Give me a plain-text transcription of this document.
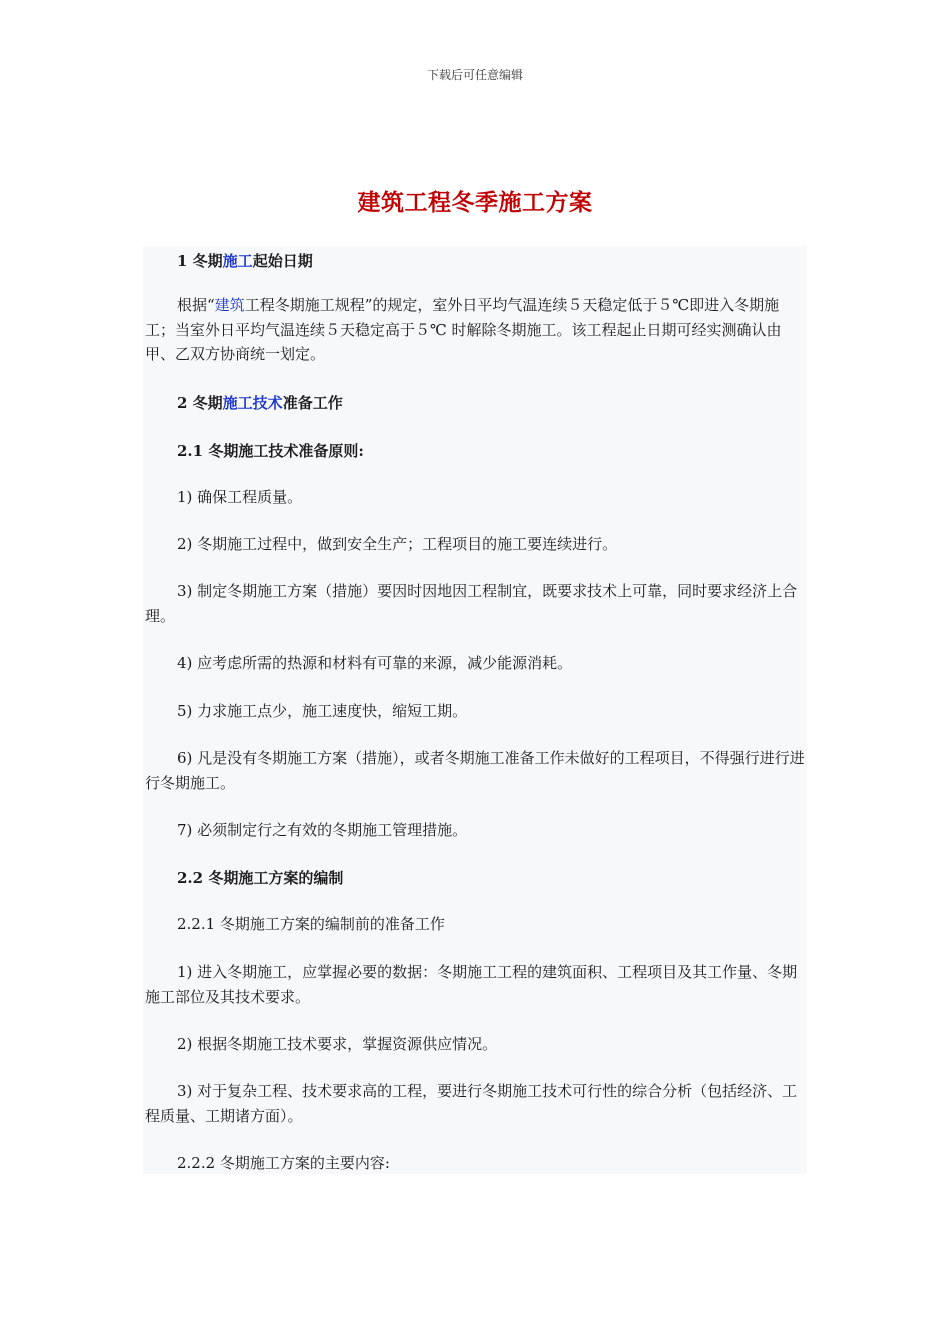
下载后可任意编辑
建筑工程冬季施工方案

1 冬期施工起始日期

根据“建筑工程冬期施工规程”的规定，室外日平均气温连续５天稳定低于５℃即进入冬期施工；当室外日平均气温连续５天稳定高于５℃ 时解除冬期施工。该工程起止日期可经实测确认由甲、乙双方协商统一划定。

2 冬期施工技术准备工作

2.1 冬期施工技术准备原则:

1) 确保工程质量。

2) 冬期施工过程中，做到安全生产；工程项目的施工要连续进行。

3) 制定冬期施工方案（措施）要因时因地因工程制宜，既要求技术上可靠，同时要求经济上合理。

4) 应考虑所需的热源和材料有可靠的来源，减少能源消耗。

5) 力求施工点少，施工速度快，缩短工期。

6) 凡是没有冬期施工方案（措施），或者冬期施工准备工作未做好的工程项目，不得强行进行进行冬期施工。

7) 必须制定行之有效的冬期施工管理措施。

2.2 冬期施工方案的编制

2.2.1 冬期施工方案的编制前的准备工作

1) 进入冬期施工，应掌握必要的数据：冬期施工工程的建筑面积、工程项目及其工作量、冬期施工部位及其技术要求。

2) 根据冬期施工技术要求，掌握资源供应情况。

3) 对于复杂工程、技术要求高的工程，要进行冬期施工技术可行性的综合分析（包括经济、工程质量、工期诸方面）。

2.2.2 冬期施工方案的主要内容:
